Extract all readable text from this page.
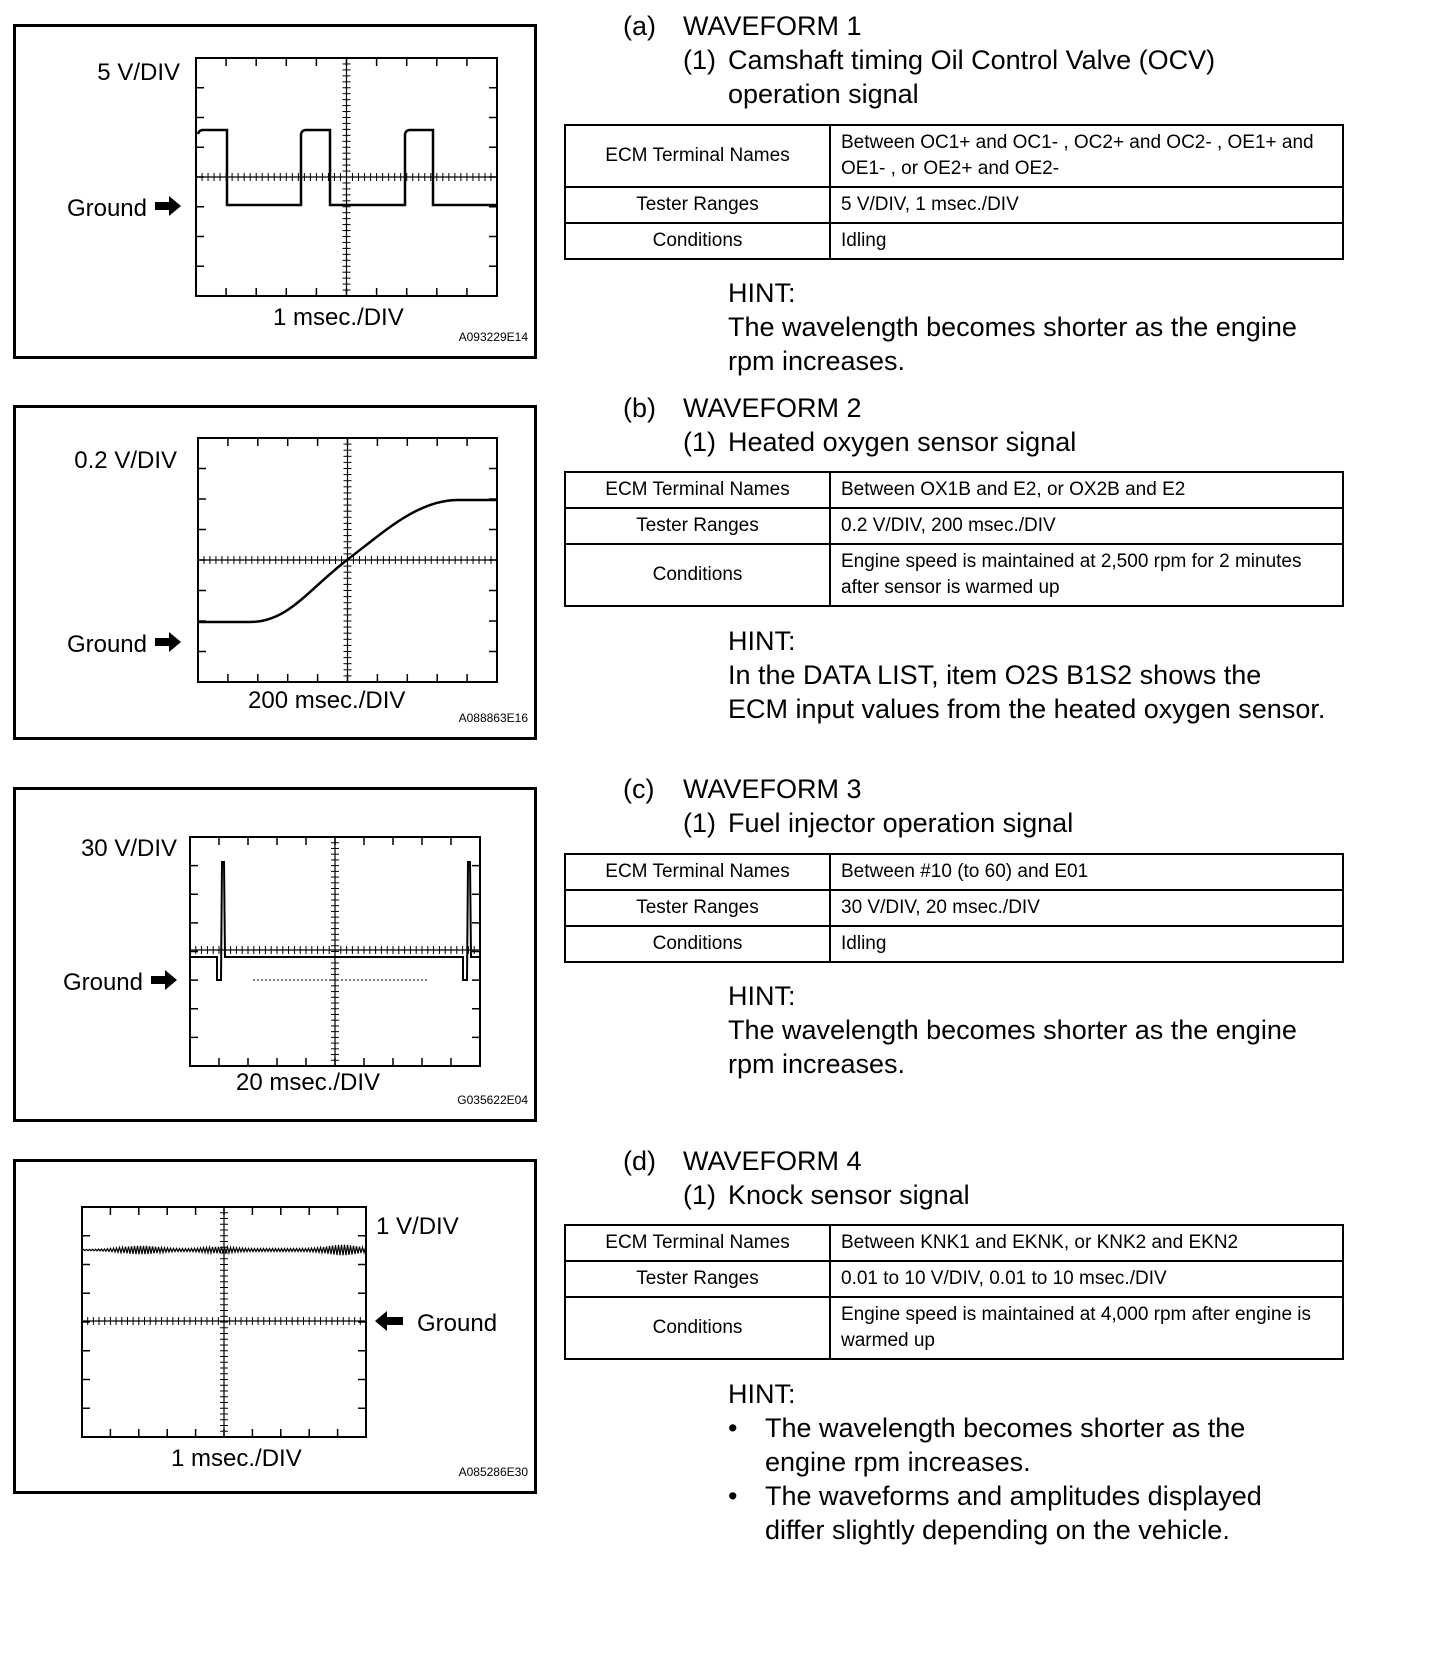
5 V/DIV
Ground
1 msec./DIV
A093229E14
0.2 V/DIV
Ground
200 msec./DIV
A088863E16
30 V/DIV
Ground
20 msec./DIV
G035622E04
1 V/DIV
Ground
1 msec./DIV	A085286E30
(a) WAVEFORM 1
(1) Camshaft timing Oil Control Valve (OCV)
operation signal
ECM Terminal Names	Between OC1+ and OC1- , OC2+ and OC2- , OE1+ and OE1- , or OE2+ and OE2-
Tester Ranges	5 V/DIV, 1 msec./DIV
Conditions	Idling
HINT:
The wavelength becomes shorter as the engine rpm increases.
(b) WAVEFORM 2
(1) Heated oxygen sensor signal
ECM Terminal Names	Between OX1B and E2, or OX2B and E2
Tester Ranges	0.2 V/DIV, 200 msec./DIV
Conditions	Engine speed is maintained at 2,500 rpm for 2 minutes after sensor is warmed up
HINT:
In the DATA LIST, item O2S B1S2 shows the ECM input values from the heated oxygen sensor.
(c) WAVEFORM 3
(1) Fuel injector operation signal
ECM Terminal Names	Between #10 (to 60) and E01
Tester Ranges	30 V/DIV, 20 msec./DIV
Conditions	Idling
HINT:
The wavelength becomes shorter as the engine rpm increases.
(d) WAVEFORM 4
(1) Knock sensor signal
ECM Terminal Names	Between KNK1 and EKNK, or KNK2 and EKN2
Tester Ranges	0.01 to 10 V/DIV, 0.01 to 10 msec./DIV
Conditions	Engine speed is maintained at 4,000 rpm after engine is warmed up
HINT:
• The wavelength becomes shorter as the engine rpm increases.
• The waveforms and amplitudes displayed differ slightly depending on the vehicle.
